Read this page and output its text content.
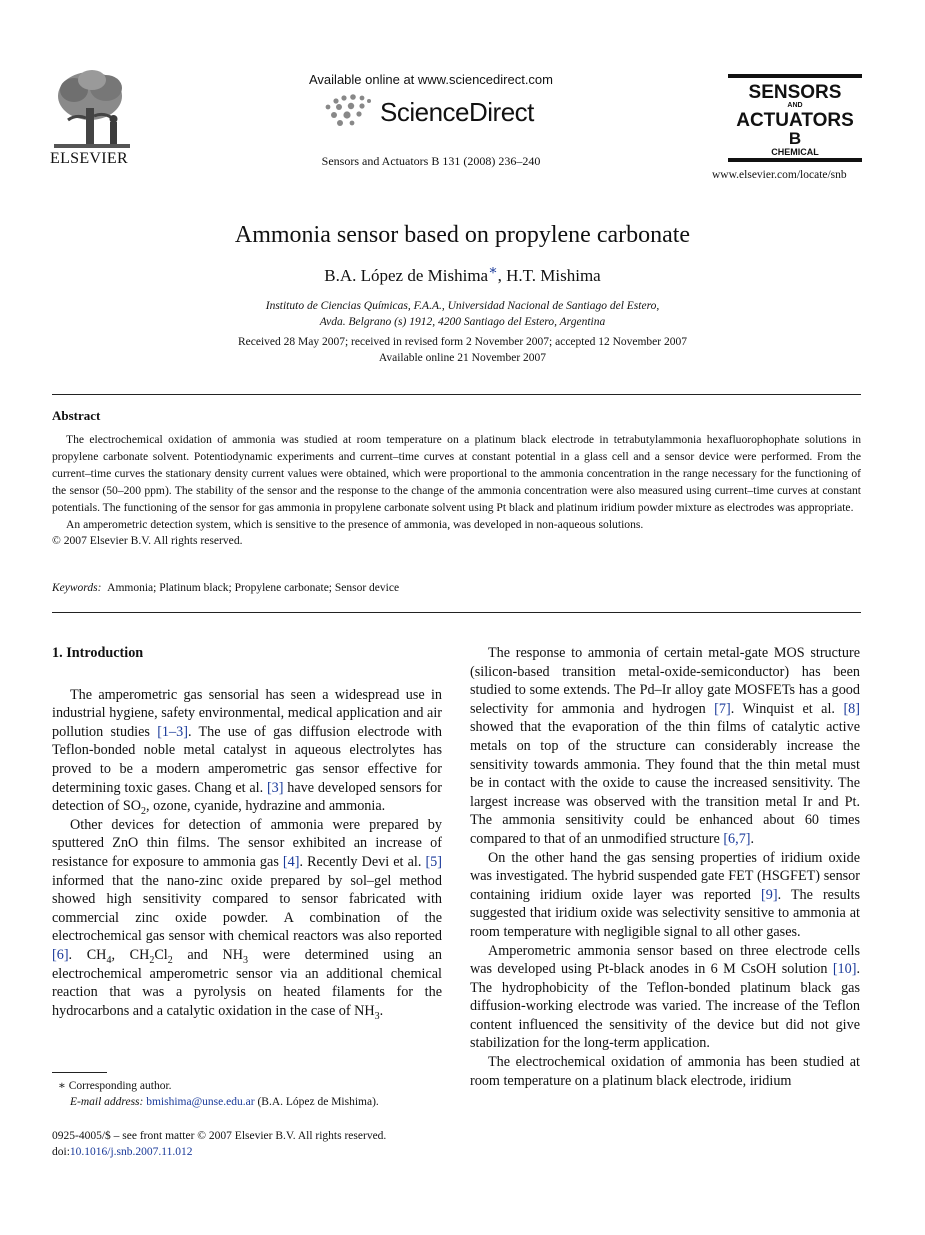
ELSEVIER
Available online at www.sciencedirect.com
ScienceDirect
Sensors and Actuators B 131 (2008) 236–240
SENSORS
AND
ACTUATORS
B
CHEMICAL
www.elsevier.com/locate/snb
Ammonia sensor based on propylene carbonate
B.A. López de Mishima∗, H.T. Mishima
Instituto de Ciencias Químicas, F.A.A., Universidad Nacional de Santiago del Estero,
Avda. Belgrano (s) 1912, 4200 Santiago del Estero, Argentina
Received 28 May 2007; received in revised form 2 November 2007; accepted 12 November 2007
Available online 21 November 2007
Abstract

The electrochemical oxidation of ammonia was studied at room temperature on a platinum black electrode in tetrabutylammonia hexafluorophophate solutions in propylene carbonate solvent. Potentiodynamic experiments and current–time curves at constant potential in a glass cell and a sensor device were performed. From the current–time curves the stationary density current values were obtained, which were proportional to the ammonia concentration in the range necessary for the functioning of the sensor (50–200 ppm). The stability of the sensor and the response to the change of the ammonia concentration were also measured using current–time curves at constant potentials. The functioning of the sensor for gas ammonia in propylene carbonate solvent using Pt black and platinum iridium powder mixture as electrodes was appropriate.

An amperometric detection system, which is sensitive to the presence of ammonia, was developed in non-aqueous solutions.

© 2007 Elsevier B.V. All rights reserved.

Keywords: Ammonia; Platinum black; Propylene carbonate; Sensor device
1. Introduction

The amperometric gas sensorial has seen a widespread use in industrial hygiene, safety environmental, medical application and air pollution studies [1–3]. The use of gas diffusion electrode with Teflon-bonded noble metal catalyst in aqueous electrolytes has proved to be a modern amperometric gas sensor effective for determining toxic gases. Chang et al. [3] have developed sensors for detection of $SO_2$, ozone, cyanide, hydrazine and ammonia.

Other devices for detection of ammonia were prepared by sputtered ZnO thin films. The sensor exhibited an increase of resistance for exposure to ammonia gas [4]. Recently Devi et al. [5] informed that the nano-zinc oxide prepared by sol–gel method showed high sensitivity compared to sensor fabricated with commercial zinc oxide powder. A combination of the electrochemical gas sensor with chemical reactors was also reported [6]. $CH_4$, $CH_2Cl_2$ and $NH_3$ were determined using an electrochemical amperometric sensor via an additional chemical reaction that was a pyrolysis on heated filaments for the hydrocarbons and a catalytic oxidation in the case of $NH_3$.

The response to ammonia of certain metal-gate MOS structure (silicon-based transition metal-oxide-semiconductor) has been studied to some extends. The Pd–Ir alloy gate MOSFETs has a good selectivity for ammonia and hydrogen [7]. Winquist et al. [8] showed that the evaporation of the thin films of catalytic active metals on top of the structure can considerably increase the sensitivity towards ammonia. They found that the thin metal must be in contact with the oxide to cause the increased sensitivity. The largest increase was observed with the transition metal Ir and Pt. The ammonia sensitivity could be enhanced about 60 times compared to that of an unmodified structure [6,7].

On the other hand the gas sensing properties of iridium oxide was investigated. The hybrid suspended gate FET (HSGFET) sensor containing iridium oxide layer was reported [9]. The results suggested that iridium oxide was selectivity sensitive to ammonia at room temperature with negligible signal to all other gases.

Amperometric ammonia sensor based on three electrode cells was developed using Pt-black anodes in 6 M CsOH solution [10]. The hydrophobicity of the Teflon-bonded platinum black gas diffusion-working electrode was varied. The increase of the Teflon content influenced the sensitivity of the device but did not give stabilization for the long-term application.

The electrochemical oxidation of ammonia has been studied at room temperature on a platinum black electrode, iridium

∗ Corresponding author.
E-mail address: bmishima@unse.edu.ar (B.A. López de Mishima).
0925-4005/$ – see front matter © 2007 Elsevier B.V. All rights reserved.
doi:10.1016/j.snb.2007.11.012
